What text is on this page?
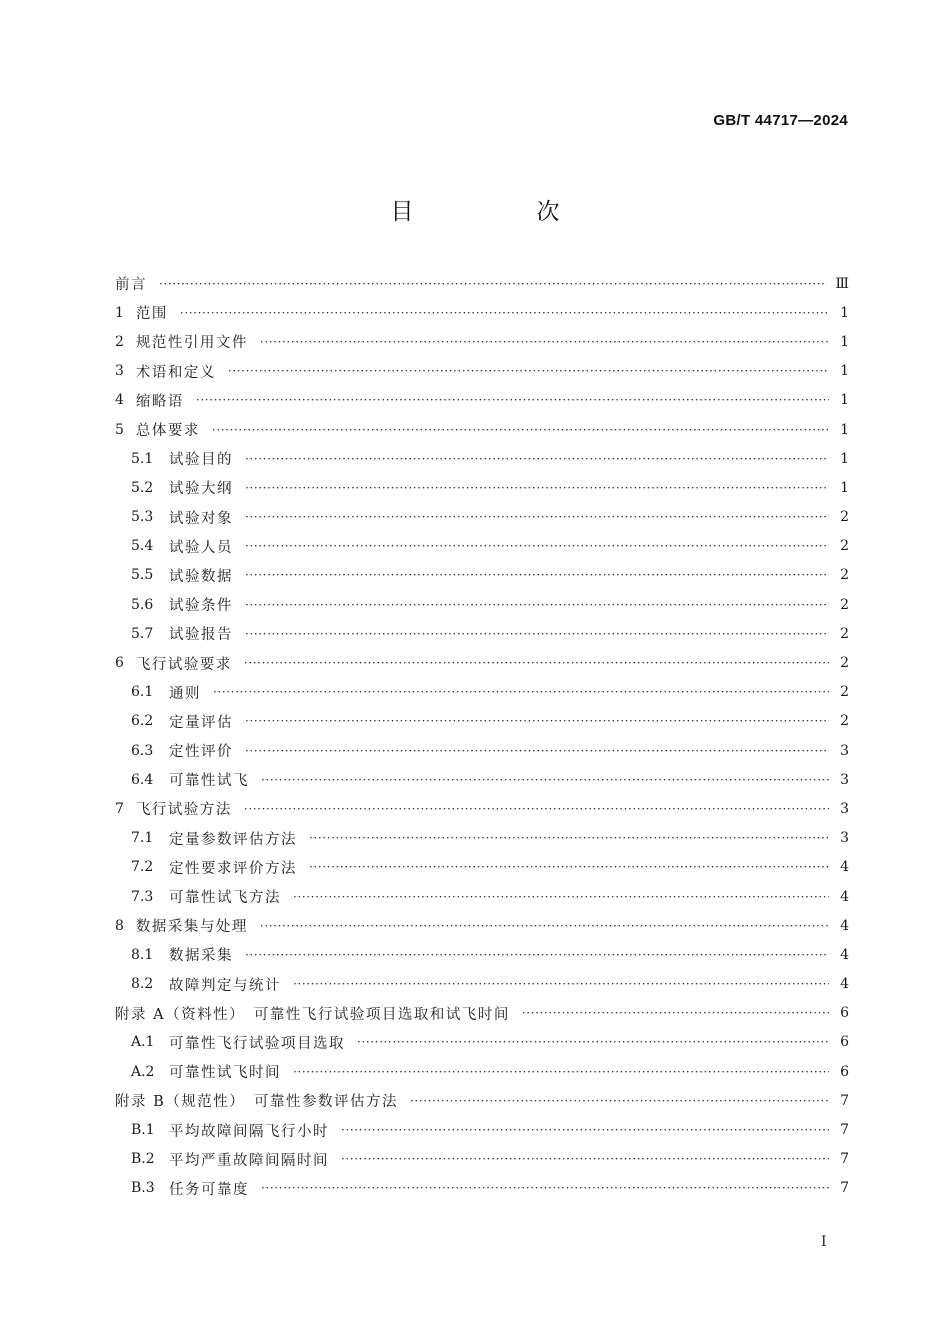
GB/T 44717—2024
目　次
前言 ·····	Ⅲ
1 范围 ·····	1
2 规范性引用文件 ·····	1
3 术语和定义 ·····	1
4 缩略语 ·····	1
5 总体要求 ·····	1
5.1	试验目的 ·····	1
5.2	试验大纲 ·····	1
5.3	试验对象 ·····	2
5.4	试验人员 ·····	2
5.5	试验数据 ·····	2
5.6	试验条件 ·····	2
5.7	试验报告 ·····	2
6 飞行试验要求 ·····	2
6.1	通则 ·····	2
6.2	定量评估 ·····	2
6.3	定性评价 ·····	3
6.4	可靠性试飞 ·····	3
7 飞行试验方法 ·····	3
7.1	定量参数评估方法 ·····	3
7.2	定性要求评价方法 ·····	4
7.3	可靠性试飞方法 ·····	4
8 数据采集与处理 ·····	4
8.1	数据采集 ·····	4
8.2	故障判定与统计 ·····	4
附录 A（资料性）　可靠性飞行试验项目选取和试飞时间 ·····	6
A.1	可靠性飞行试验项目选取 ·····	6
A.2	可靠性试飞时间 ·····	6
附录 B（规范性）　可靠性参数评估方法 ·····	7
B.1 平均故障间隔飞行小时 ·····	7
B.2 平均严重故障间隔时间 ·····	7
B.3 任务可靠度 ·····	7
Ⅰ
